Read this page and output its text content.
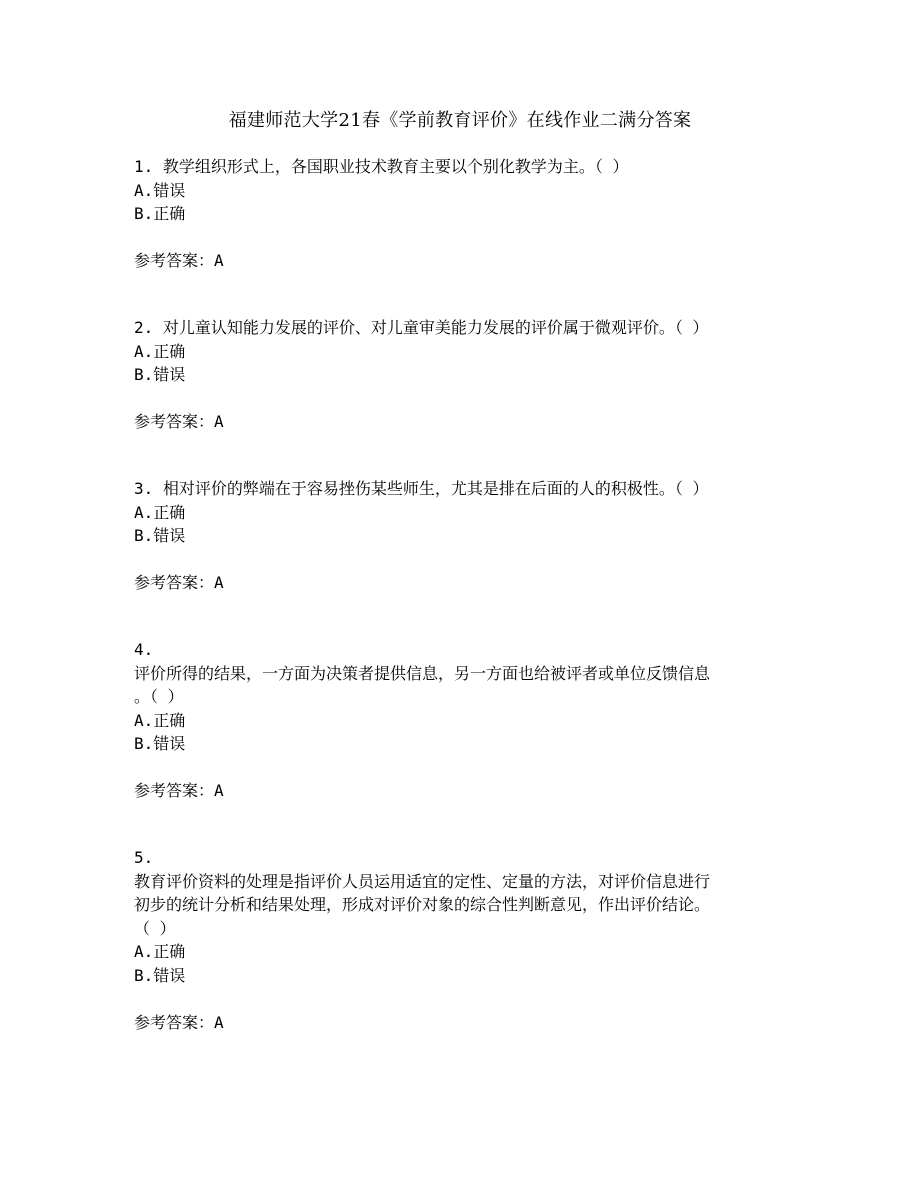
福建师范大学21春《学前教育评价》在线作业二满分答案
1. 教学组织形式上，各国职业技术教育主要以个别化教学为主。（ ）
A.错误
B.正确
参考答案：A
2. 对儿童认知能力发展的评价、对儿童审美能力发展的评价属于微观评价。（ ）
A.正确
B.错误
参考答案：A
3. 相对评价的弊端在于容易挫伤某些师生，尤其是排在后面的人的积极性。（ ）
A.正确
B.错误
参考答案：A
4.
评价所得的结果，一方面为决策者提供信息，另一方面也给被评者或单位反馈信息
。（ ）
A.正确
B.错误
参考答案：A
5.
教育评价资料的处理是指评价人员运用适宜的定性、定量的方法，对评价信息进行
初步的统计分析和结果处理，形成对评价对象的综合性判断意见，作出评价结论。
（ ）
A.正确
B.错误
参考答案：A
